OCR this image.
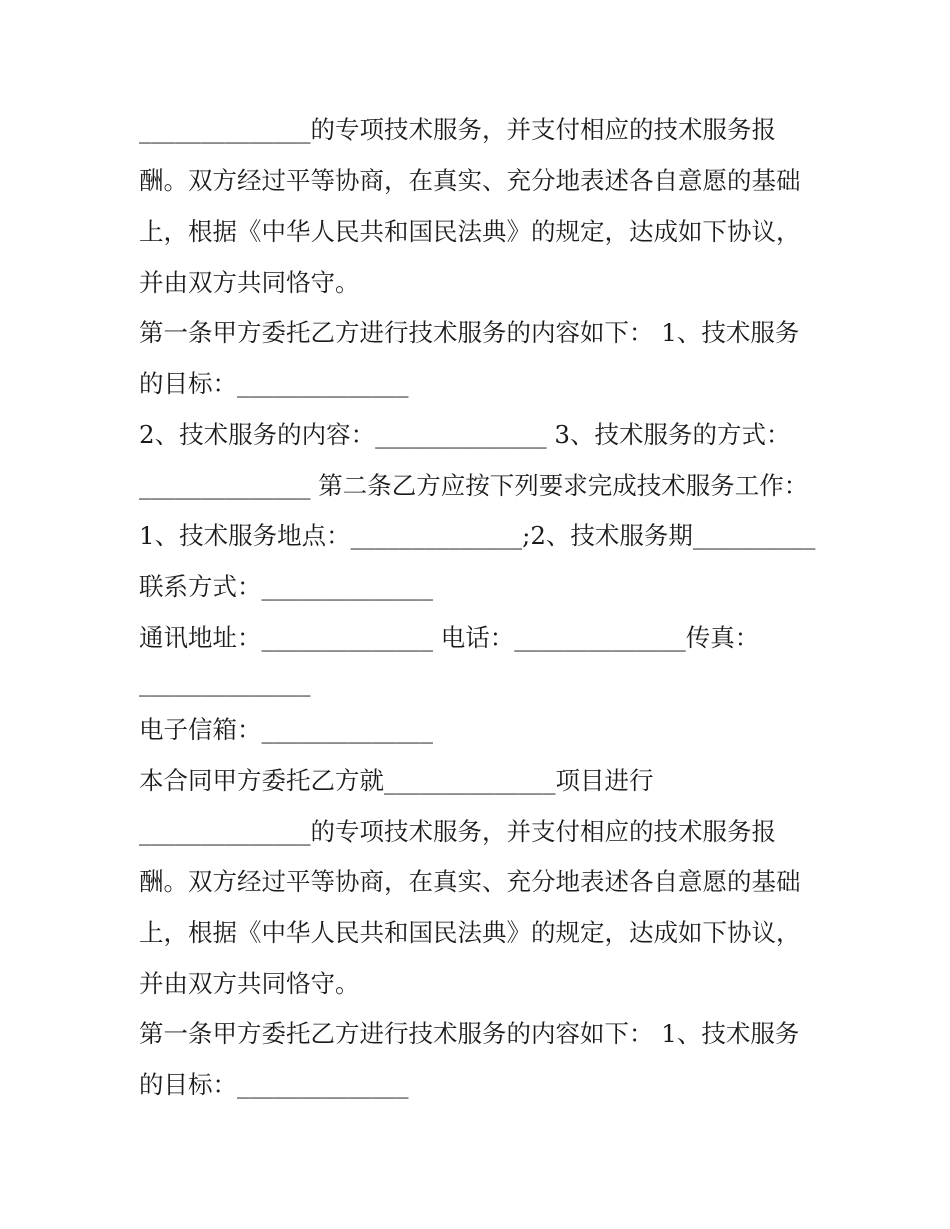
______________的专项技术服务，并支付相应的技术服务报
酬。双方经过平等协商，在真实、充分地表述各自意愿的基础
上，根据《中华人民共和国民法典》的规定，达成如下协议，
并由双方共同恪守。
第一条甲方委托乙方进行技术服务的内容如下： 1、技术服务
的目标：______________
2、技术服务的内容：______________ 3、技术服务的方式：
______________ 第二条乙方应按下列要求完成技术服务工作：
1、技术服务地点：______________;2、技术服务期__________
联系方式：______________
通讯地址：______________ 电话：______________传真：
______________
电子信箱：______________
本合同甲方委托乙方就______________项目进行
______________的专项技术服务，并支付相应的技术服务报
酬。双方经过平等协商，在真实、充分地表述各自意愿的基础
上，根据《中华人民共和国民法典》的规定，达成如下协议，
并由双方共同恪守。
第一条甲方委托乙方进行技术服务的内容如下： 1、技术服务
的目标：______________
